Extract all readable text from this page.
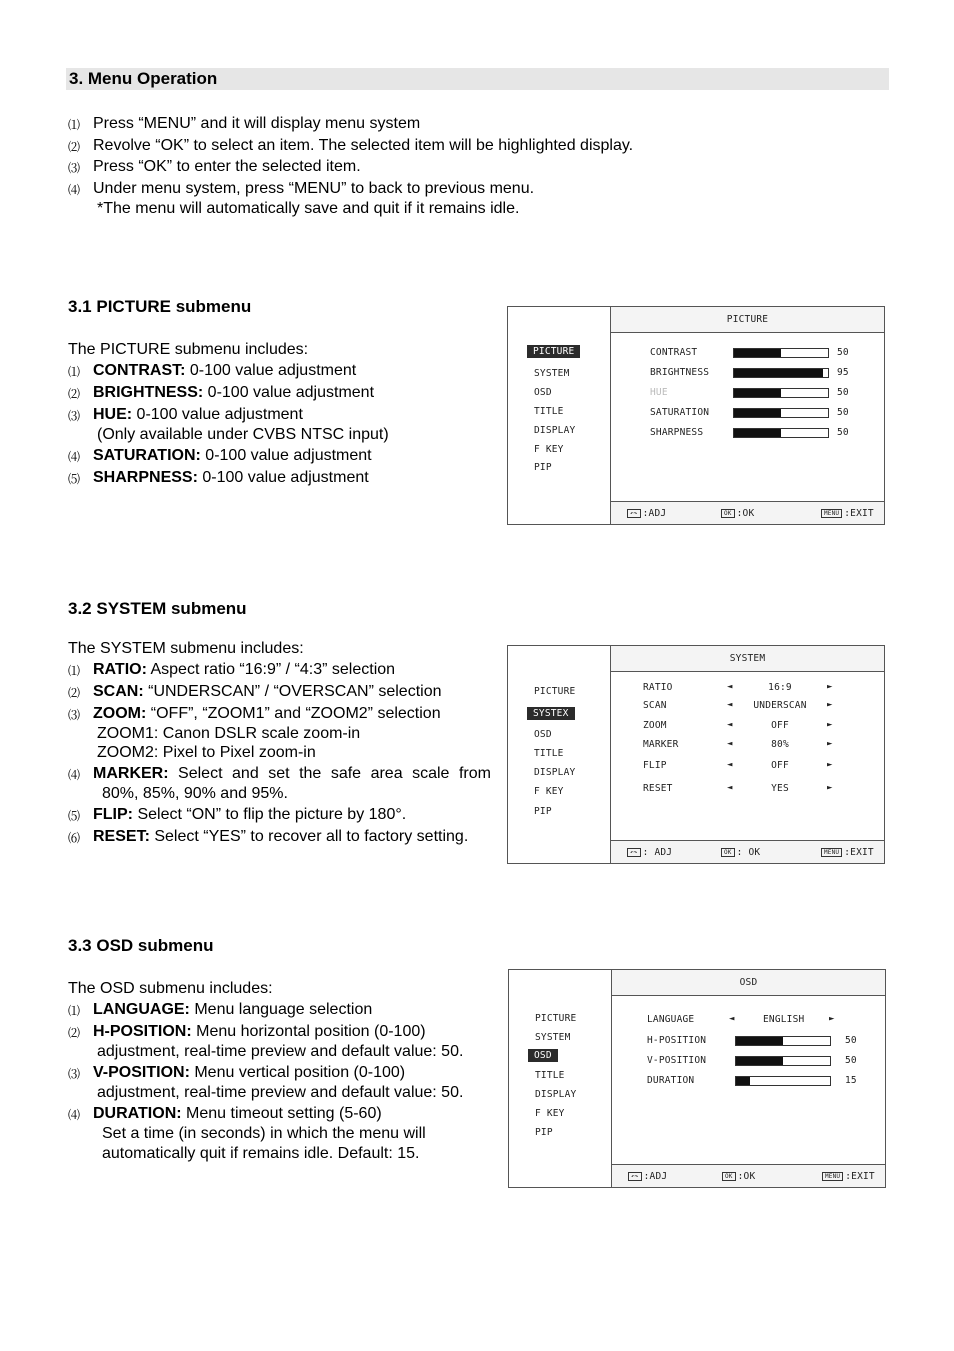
3. Menu Operation
⑴ Press “MENU” and it will display menu system
⑵ Revolve “OK” to select an item. The selected item will be highlighted display.
⑶ Press “OK” to enter the selected item.
⑷ Under menu system, press “MENU” to back to previous menu.
*The menu will automatically save and quit if it remains idle.
3.1 PICTURE submenu
The PICTURE submenu includes:
⑴ CONTRAST: 0-100 value adjustment
⑵ BRIGHTNESS: 0-100 value adjustment
⑶ HUE: 0-100 value adjustment
(Only available under CVBS NTSC input)
⑷ SATURATION: 0-100 value adjustment
⑸ SHARPNESS: 0-100 value adjustment
PICTURE
SYSTEM
OSD
TITLE
DISPLAY
F KEY
PIP
PICTURE
↶↷ :ADJ	OK :OK	MENU :EXIT
CONTRAST	50
BRIGHTNESS	95
HUE	50
SATURATION	50
SHARPNESS	50
3.2 SYSTEM submenu
The SYSTEM submenu includes:
⑴ RATIO: Aspect ratio “16:9” / “4:3” selection
⑵ SCAN: “UNDERSCAN” / “OVERSCAN” selection
⑶ ZOOM: “OFF”, “ZOOM1” and “ZOOM2” selection
ZOOM1: Canon DSLR scale zoom-in
ZOOM2: Pixel to Pixel zoom-in
⑷ MARKER: Select and set the safe area scale from
80%, 85%, 90% and 95%.
⑸ FLIP: Select “ON” to flip the picture by 180°.
⑹ RESET: Select “YES” to recover all to factory setting.
PICTURE
SYSTEX
OSD
TITLE
DISPLAY
F KEY
PIP
SYSTEM
↶↷ : ADJ	OK : OK	MENU :EXIT
RATIO	◄	16:9	►
SCAN	◄	UNDERSCAN	►
ZOOM	◄	OFF	►
MARKER	◄	80%	►
FLIP	◄	OFF	►
RESET	◄	YES	►
3.3 OSD submenu
The OSD submenu includes:
⑴ LANGUAGE: Menu language selection
⑵ H-POSITION: Menu horizontal position (0-100)
adjustment, real-time preview and default value: 50.
⑶ V-POSITION: Menu vertical position (0-100)
adjustment, real-time preview and default value: 50.
⑷ DURATION: Menu timeout setting (5-60)
Set a time (in seconds) in which the menu will
automatically quit if remains idle. Default: 15.
PICTURE
SYSTEM
OSD
TITLE
DISPLAY
F KEY
PIP
OSD
LANGUAGE	◄	ENGLISH	►
↶↷ :ADJ	OK :OK	MENU :EXIT
H-POSITION	50
V-POSITION	50
DURATION	15
